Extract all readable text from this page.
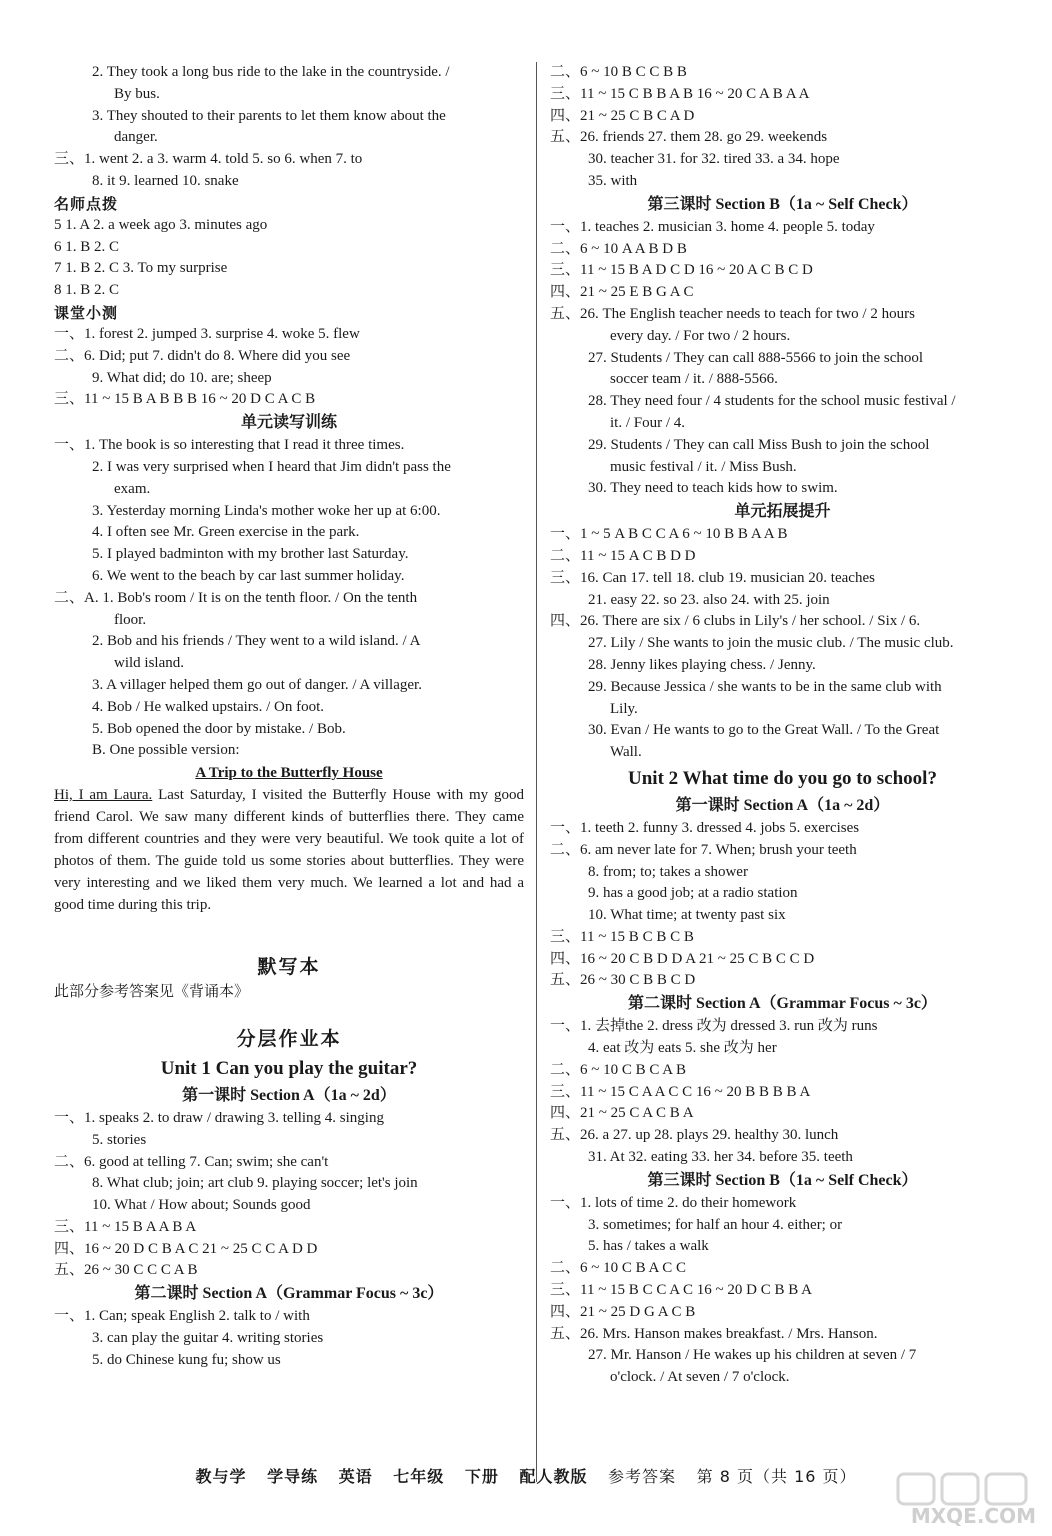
2. They took a long bus ride to the lake in the countryside. /
By bus.
3. They shouted to their parents to let them know about the
danger.
三、1. went 2. a 3. warm 4. told 5. so 6. when 7. to
8. it 9. learned 10. snake
名师点拨
5 1. A 2. a week ago 3. minutes ago
6 1. B 2. C
7 1. B 2. C 3. To my surprise
8 1. B 2. C
课堂小测
一、1. forest 2. jumped 3. surprise 4. woke 5. flew
二、6. Did; put 7. didn't do 8. Where did you see
9. What did; do 10. are; sheep
三、11 ~ 15 B A B B B 16 ~ 20 D C A C B
单元读写训练
一、1. The book is so interesting that I read it three times.
2. I was very surprised when I heard that Jim didn't pass the
exam.
3. Yesterday morning Linda's mother woke her up at 6:00.
4. I often see Mr. Green exercise in the park.
5. I played badminton with my brother last Saturday.
6. We went to the beach by car last summer holiday.
二、A. 1. Bob's room / It is on the tenth floor. / On the tenth
floor.
2. Bob and his friends / They went to a wild island. / A
wild island.
3. A villager helped them go out of danger. / A villager.
4. Bob / He walked upstairs. / On foot.
5. Bob opened the door by mistake. / Bob.
B. One possible version:
A Trip to the Butterfly House
Hi, I am Laura. Last Saturday, I visited the Butterfly House with my good friend Carol. We saw many different kinds of butterflies there. They came from different countries and they were very beautiful. We took quite a lot of photos of them. The guide told us some stories about butterflies. They were very interesting and we liked them very much. We learned a lot and had a good time during this trip.
默写本
此部分参考答案见《背诵本》
分层作业本
Unit 1 Can you play the guitar?
第一课时 Section A（1a ~ 2d）
一、1. speaks 2. to draw / drawing 3. telling 4. singing
5. stories
二、6. good at telling 7. Can; swim; she can't
8. What club; join; art club 9. playing soccer; let's join
10. What / How about; Sounds good
三、11 ~ 15 B A A B A
四、16 ~ 20 D C B A C 21 ~ 25 C C A D D
五、26 ~ 30 C C C A B
第二课时 Section A（Grammar Focus ~ 3c）
一、1. Can; speak English 2. talk to / with
3. can play the guitar 4. writing stories
5. do Chinese kung fu; show us
二、6 ~ 10 B C C B B
三、11 ~ 15 C B B A B 16 ~ 20 C A B A A
四、21 ~ 25 C B C A D
五、26. friends 27. them 28. go 29. weekends
30. teacher 31. for 32. tired 33. a 34. hope
35. with
第三课时 Section B（1a ~ Self Check）
一、1. teaches 2. musician 3. home 4. people 5. today
二、6 ~ 10 A A B D B
三、11 ~ 15 B A D C D 16 ~ 20 A C B C D
四、21 ~ 25 E B G A C
五、26. The English teacher needs to teach for two / 2 hours
every day. / For two / 2 hours.
27. Students / They can call 888-5566 to join the school
soccer team / it. / 888-5566.
28. They need four / 4 students for the school music festival /
it. / Four / 4.
29. Students / They can call Miss Bush to join the school
music festival / it. / Miss Bush.
30. They need to teach kids how to swim.
单元拓展提升
一、1 ~ 5 A B C C A 6 ~ 10 B B A A B
二、11 ~ 15 A C B D D
三、16. Can 17. tell 18. club 19. musician 20. teaches
21. easy 22. so 23. also 24. with 25. join
四、26. There are six / 6 clubs in Lily's / her school. / Six / 6.
27. Lily / She wants to join the music club. / The music club.
28. Jenny likes playing chess. / Jenny.
29. Because Jessica / she wants to be in the same club with
Lily.
30. Evan / He wants to go to the Great Wall. / To the Great
Wall.
Unit 2 What time do you go to school?
第一课时 Section A（1a ~ 2d）
一、1. teeth 2. funny 3. dressed 4. jobs 5. exercises
二、6. am never late for 7. When; brush your teeth
8. from; to; takes a shower
9. has a good job; at a radio station
10. What time; at twenty past six
三、11 ~ 15 B C B C B
四、16 ~ 20 C B D D A 21 ~ 25 C B C C D
五、26 ~ 30 C B B C D
第二课时 Section A（Grammar Focus ~ 3c）
一、1. 去掉the 2. dress 改为 dressed 3. run 改为 runs
4. eat 改为 eats 5. she 改为 her
二、6 ~ 10 C B C A B
三、11 ~ 15 C A A C C 16 ~ 20 B B B B A
四、21 ~ 25 C A C B A
五、26. a 27. up 28. plays 29. healthy 30. lunch
31. At 32. eating 33. her 34. before 35. teeth
第三课时 Section B（1a ~ Self Check）
一、1. lots of time 2. do their homework
3. sometimes; for half an hour 4. either; or
5. has / takes a walk
二、6 ~ 10 C B A C C
三、11 ~ 15 B C C A C 16 ~ 20 D C B B A
四、21 ~ 25 D G A C B
五、26. Mrs. Hanson makes breakfast. / Mrs. Hanson.
27. Mr. Hanson / He wakes up his children at seven / 7
o'clock. / At seven / 7 o'clock.
教与学 学导练 英语 七年级 下册 配人教版 参考答案 第 8 页（共 16 页）
MXQE.COM
